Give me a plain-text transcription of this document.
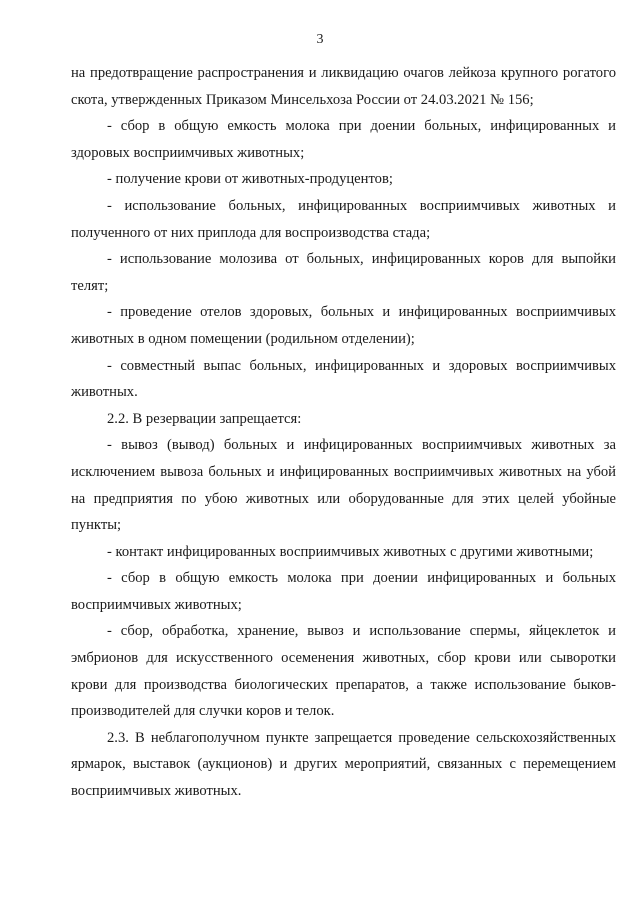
3

на предотвращение распространения и ликвидацию очагов лейкоза крупного рогатого скота, утвержденных Приказом Минсельхоза России от 24.03.2021 № 156;

- сбор в общую емкость молока при доении больных, инфицированных и здоровых восприимчивых животных;

- получение крови от животных-продуцентов;

- использование больных, инфицированных восприимчивых животных и полученного от них приплода для воспроизводства стада;

- использование молозива от больных, инфицированных коров для выпойки телят;

- проведение отелов здоровых, больных и инфицированных восприимчивых животных в одном помещении (родильном отделении);

- совместный выпас больных, инфицированных и здоровых восприимчивых животных.

2.2. В резервации запрещается:

- вывоз (вывод) больных и инфицированных восприимчивых животных за исключением вывоза больных и инфицированных восприимчивых животных на убой на предприятия по убою животных или оборудованные для этих целей убойные пункты;

- контакт инфицированных восприимчивых животных с другими животными;

- сбор в общую емкость молока при доении инфицированных и больных восприимчивых животных;

- сбор, обработка, хранение, вывоз и использование спермы, яйцеклеток и эмбрионов для искусственного осеменения животных, сбор крови или сыворотки крови для производства биологических препаратов, а также использование быков-производителей для случки коров и телок.

2.3. В неблагополучном пункте запрещается проведение сельскохозяйственных ярмарок, выставок (аукционов) и других мероприятий, связанных с перемещением восприимчивых животных.
